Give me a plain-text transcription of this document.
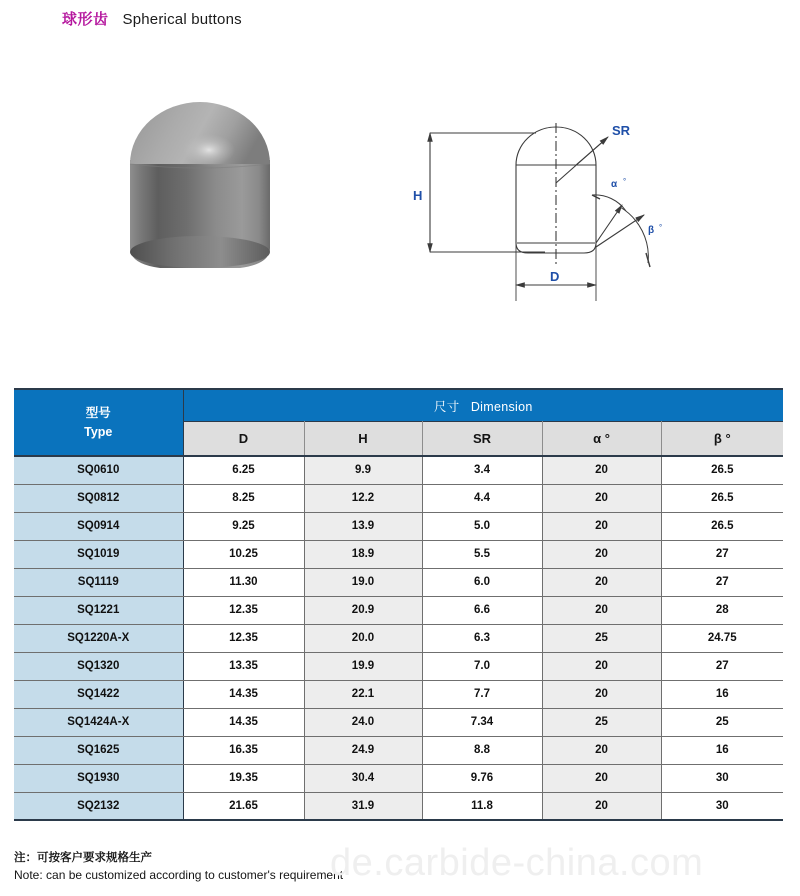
球形齿 Spherical buttons
H
D
SR
α °
β °
型号
Type	尺寸 Dimension				
	D	H	SR	α °	β °
SQ0610	6.25	9.9	3.4	20	26.5
SQ0812	8.25	12.2	4.4	20	26.5
SQ0914	9.25	13.9	5.0	20	26.5
SQ1019	10.25	18.9	5.5	20	27
SQ1119	11.30	19.0	6.0	20	27
SQ1221	12.35	20.9	6.6	20	28
SQ1220A-X	12.35	20.0	6.3	25	24.75
SQ1320	13.35	19.9	7.0	20	27
SQ1422	14.35	22.1	7.7	20	16
SQ1424A-X	14.35	24.0	7.34	25	25
SQ1625	16.35	24.9	8.8	20	16
SQ1930	19.35	30.4	9.76	20	30
SQ2132	21.65	31.9	11.8	20	30
注：可按客户要求规格生产
Note: can be customized according to customer's requirement
de.carbide-china.com
